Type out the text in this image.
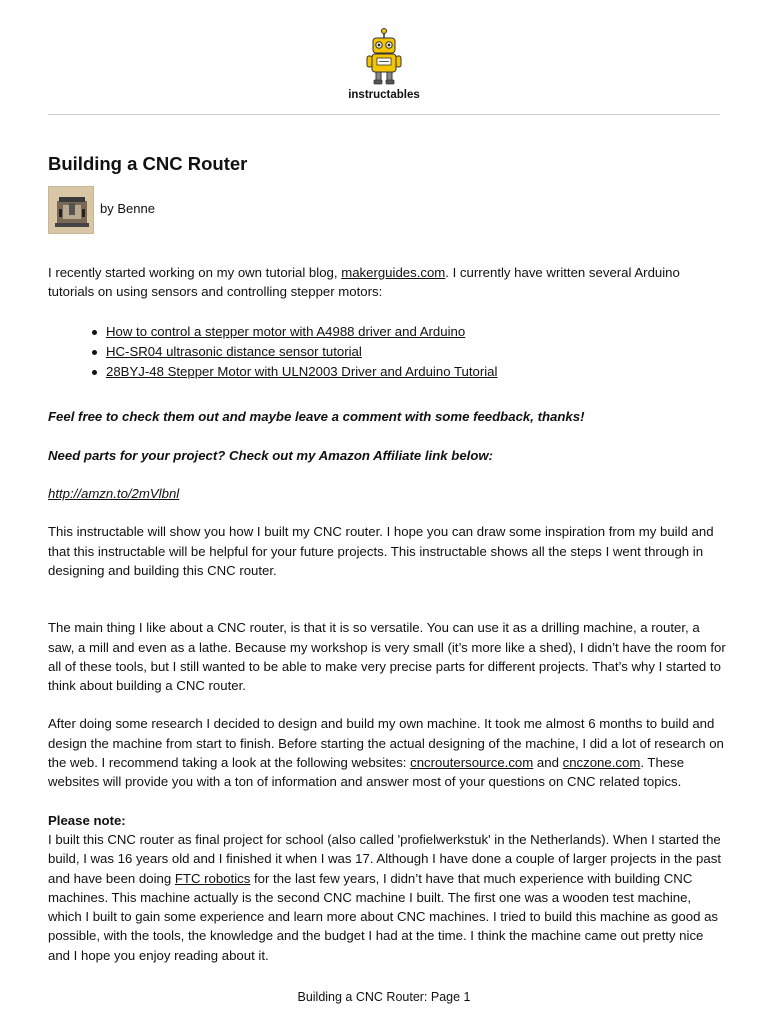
instructables
Building a CNC Router
by Benne

I recently started working on my own tutorial blog, makerguides.com. I currently have written several Arduino tutorials on using sensors and controlling stepper motors:

How to control a stepper motor with A4988 driver and Arduino
HC-SR04 ultrasonic distance sensor tutorial
28BYJ-48 Stepper Motor with ULN2003 Driver and Arduino Tutorial

Feel free to check them out and maybe leave a comment with some feedback, thanks!

Need parts for your project? Check out my Amazon Affiliate link below:

http://amzn.to/2mVlbnl

This instructable will show you how I built my CNC router. I hope you can draw some inspiration from my build and that this instructable will be helpful for your future projects. This instructable shows all the steps I went through in designing and building this CNC router.

The main thing I like about a CNC router, is that it is so versatile. You can use it as a drilling machine, a router, a saw, a mill and even as a lathe. Because my workshop is very small (it’s more like a shed), I didn’t have the room for all of these tools, but I still wanted to be able to make very precise parts for different projects. That’s why I started to think about building a CNC router.

After doing some research I decided to design and build my own machine. It took me almost 6 months to build and design the machine from start to finish. Before starting the actual designing of the machine, I did a lot of research on the web. I recommend taking a look at the following websites: cncroutersource.com and cnczone.com. These websites will provide you with a ton of information and answer most of your questions on CNC related topics.

Please note:

I built this CNC router as final project for school (also called 'profielwerkstuk' in the Netherlands). When I started the build, I was 16 years old and I finished it when I was 17. Although I have done a couple of larger projects in the past and have been doing FTC robotics for the last few years, I didn’t have that much experience with building CNC machines. This machine actually is the second CNC machine I built. The first one was a wooden test machine, which I built to gain some experience and learn more about CNC machines. I tried to build this machine as good as possible, with the tools, the knowledge and the budget I had at the time. I think the machine came out pretty nice and I hope you enjoy reading about it.

Building a CNC Router: Page 1
